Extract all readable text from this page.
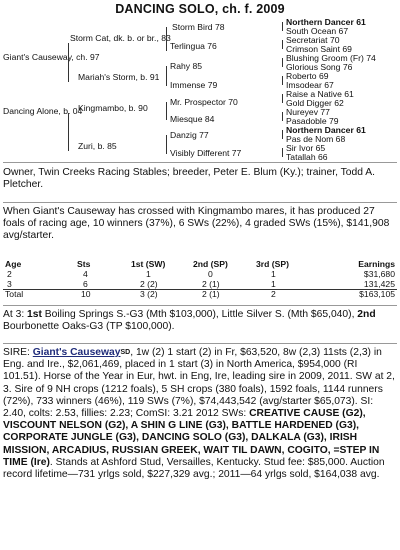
DANCING SOLO, ch. f. 2009
Giant's Causeway, ch. 97
Dancing Alone, b. 04
Storm Cat, dk. b. or br., 83
Mariah's Storm, b. 91
Kingmambo, b. 90
Zuri, b. 85
Storm Bird 78
Terlingua 76
Rahy 85
Immense 79
Mr. Prospector 70
Miesque 84
Danzig 77
Visibly Different 77
Northern Dancer 61
South Ocean 67
Secretariat 70
Crimson Saint 69
Blushing Groom (Fr) 74
Glorious Song 76
Roberto 69
Imsodear 67
Raise a Native 61
Gold Digger 62
Nureyev 77
Pasadoble 79
Northern Dancer 61
Pas de Nom 68
Sir Ivor 65
Tatallah 66

Owner, Twin Creeks Racing Stables; breeder, Peter E. Blum (Ky.); trainer, Todd A. Pletcher.

When Giant's Causeway has crossed with Kingmambo mares, it has produced 27 foals of racing age, 10 winners (37%), 6 SWs (22%), 4 graded SWs (15%), $141,908 avg/starter.

Age	Sts	1st (SW)	2nd (SP)	3rd (SP)	Earnings
2	4	1	0	1	$31,680
3	6	2 (2)	2 (1)	1	131,425
Total	10	3 (2)	2 (1)	2	$163,105

At 3: 1st Boiling Springs S.-G3 (Mth $103,000), Little Silver S. (Mth $65,040), 2nd Bourbonette Oaks-G3 (TP $100,000).

SIRE: Giant's CausewaySD, 1w (2) 1 start (2) in Fr, $63,520, 8w (2,3) 11sts (2,3) in Eng. and Ire., $2,061,469, placed in 1 start (3) in North America, $954,000 (RI 101.51). Horse of the Year in Eur, hwt. in Eng, Ire, leading sire in 2009, 2011. SW at 2, 3. Sire of 9 NH crops (1212 foals), 5 SH crops (380 foals), 1592 foals, 1144 runners (72%), 733 winners (46%), 119 SWs (7%), $74,443,542 (avg/starter $65,073). SI: 2.40, colts: 2.53, fillies: 2.23; ComSI: 3.21 2012 SWs: CREATIVE CAUSE (G2), VISCOUNT NELSON (G2), A SHIN G LINE (G3), BATTLE HARDENED (G3), CORPORATE JUNGLE (G3), DANCING SOLO (G3), DALKALA (G3), IRISH MISSION, ARCADIUS, RUSSIAN GREEK, WAIT TIL DAWN, COGITO, =STEP IN TIME (Ire). Stands at Ashford Stud, Versailles, Kentucky. Stud fee: $85,000. Auction record lifetime—731 yrlgs sold, $227,329 avg.; 2011—64 yrlgs sold, $164,038 avg.
